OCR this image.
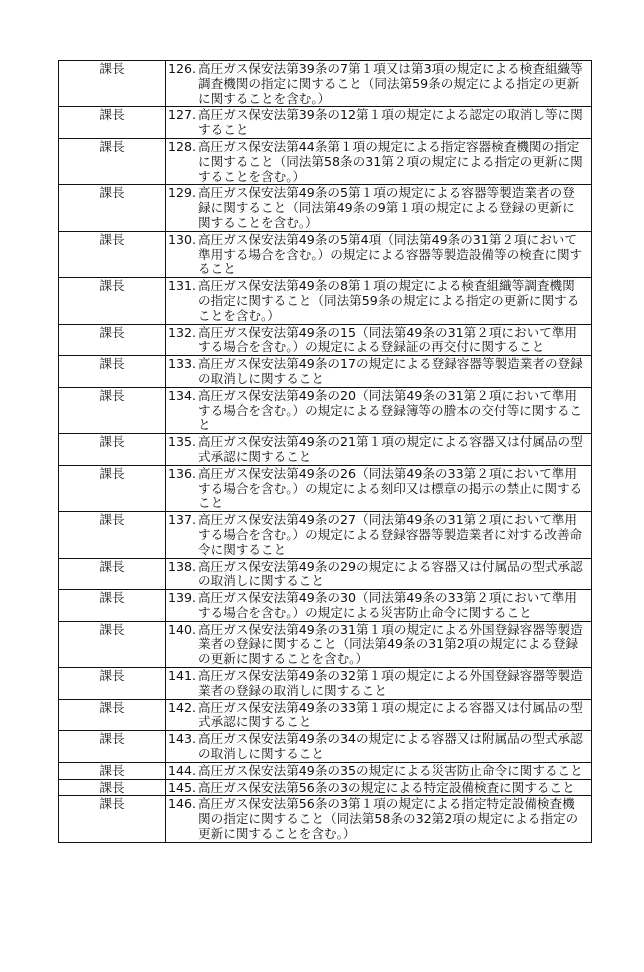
課長	126. 高圧ガス保安法第39条の7第１項又は第3項の規定による検査組織等調査機関の指定に関すること（同法第59条の規定による指定の更新に関することを含む。）

課長	127. 高圧ガス保安法第39条の12第１項の規定による認定の取消し等に関すること

課長	128. 高圧ガス保安法第44条第１項の規定による指定容器検査機関の指定に関すること（同法第58条の31第２項の規定による指定の更新に関することを含む。）

課長	129. 高圧ガス保安法第49条の5第１項の規定による容器等製造業者の登録に関すること（同法第49条の9第１項の規定による登録の更新に関することを含む。）

課長	130. 高圧ガス保安法第49条の5第4項（同法第49条の31第２項において準用する場合を含む。）の規定による容器等製造設備等の検査に関すること

課長	131. 高圧ガス保安法第49条の8第１項の規定による検査組織等調査機関の指定に関すること（同法第59条の規定による指定の更新に関することを含む。）

課長	132. 高圧ガス保安法第49条の15（同法第49条の31第２項において準用する場合を含む。）の規定による登録証の再交付に関すること

課長	133. 高圧ガス保安法第49条の17の規定による登録容器等製造業者の登録の取消しに関すること

課長	134. 高圧ガス保安法第49条の20（同法第49条の31第２項において準用する場合を含む。）の規定による登録簿等の謄本の交付等に関すること

課長	135. 高圧ガス保安法第49条の21第１項の規定による容器又は付属品の型式承認に関すること

課長	136. 高圧ガス保安法第49条の26（同法第49条の33第２項において準用する場合を含む。）の規定による刻印又は標章の掲示の禁止に関すること

課長	137. 高圧ガス保安法第49条の27（同法第49条の31第２項において準用する場合を含む。）の規定による登録容器等製造業者に対する改善命令に関すること

課長	138. 高圧ガス保安法第49条の29の規定による容器又は付属品の型式承認の取消しに関すること

課長	139. 高圧ガス保安法第49条の30（同法第49条の33第２項において準用する場合を含む。）の規定による災害防止命令に関すること

課長	140. 高圧ガス保安法第49条の31第１項の規定による外国登録容器等製造業者の登録に関すること（同法第49条の31第2項の規定による登録の更新に関することを含む。）

課長	141. 高圧ガス保安法第49条の32第１項の規定による外国登録容器等製造業者の登録の取消しに関すること

課長	142. 高圧ガス保安法第49条の33第１項の規定による容器又は付属品の型式承認に関すること

課長	143. 高圧ガス保安法第49条の34の規定による容器又は附属品の型式承認の取消しに関すること

課長	144. 高圧ガス保安法第49条の35の規定による災害防止命令に関すること

課長	145. 高圧ガス保安法第56条の3の規定による特定設備検査に関すること

課長	146. 高圧ガス保安法第56条の3第１項の規定による指定特定設備検査機関の指定に関すること（同法第58条の32第2項の規定による指定の更新に関することを含む。）
